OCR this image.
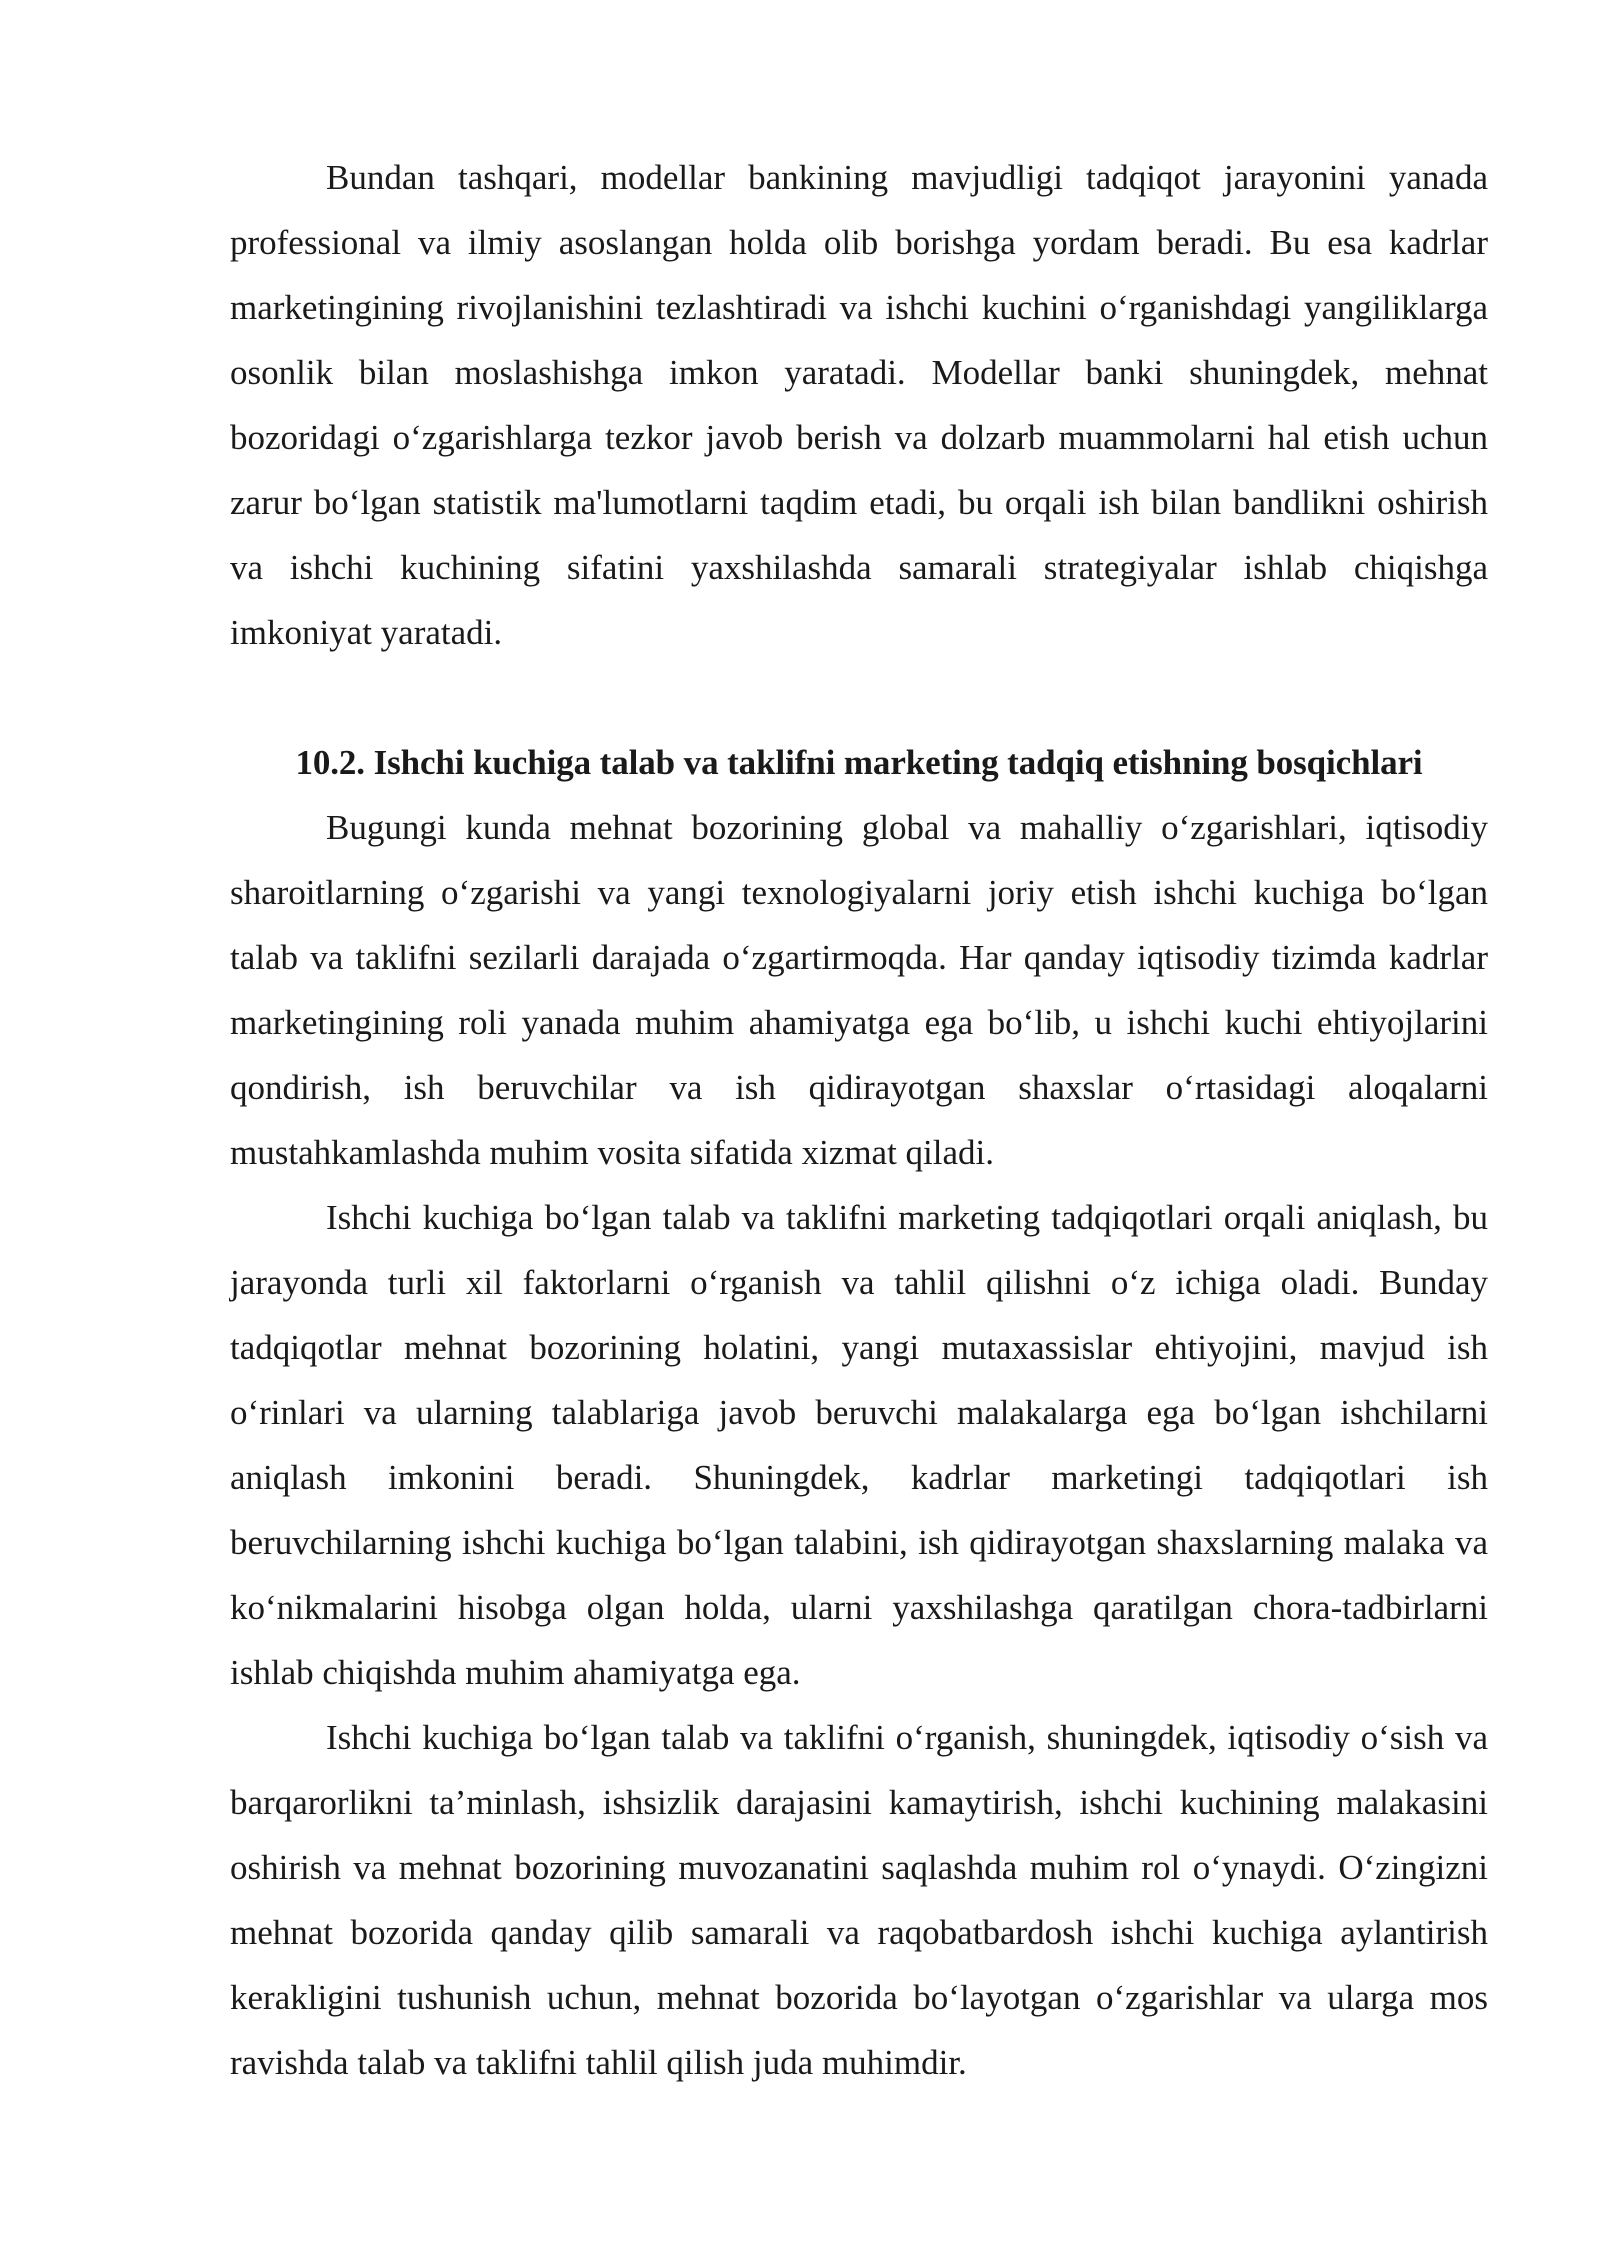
Bundan tashqari, modellar bankining mavjudligi tadqiqot jarayonini yanada professional va ilmiy asoslangan holda olib borishga yordam beradi. Bu esa kadrlar marketingining rivojlanishini tezlashtiradi va ishchi kuchini o‘rganishdagi yangiliklarga osonlik bilan moslashishga imkon yaratadi. Modellar banki shuningdek, mehnat bozoridagi o‘zgarishlarga tezkor javob berish va dolzarb muammolarni hal etish uchun zarur bo‘lgan statistik ma'lumotlarni taqdim etadi, bu orqali ish bilan bandlikni oshirish va ishchi kuchining sifatini yaxshilashda samarali strategiyalar ishlab chiqishga imkoniyat yaratadi.

10.2. Ishchi kuchiga talab va taklifni marketing tadqiq etishning bosqichlari

Bugungi kunda mehnat bozorining global va mahalliy o‘zgarishlari, iqtisodiy sharoitlarning o‘zgarishi va yangi texnologiyalarni joriy etish ishchi kuchiga bo‘lgan talab va taklifni sezilarli darajada o‘zgartirmoqda. Har qanday iqtisodiy tizimda kadrlar marketingining roli yanada muhim ahamiyatga ega bo‘lib, u ishchi kuchi ehtiyojlarini qondirish, ish beruvchilar va ish qidirayotgan shaxslar o‘rtasidagi aloqalarni mustahkamlashda muhim vosita sifatida xizmat qiladi.

Ishchi kuchiga bo‘lgan talab va taklifni marketing tadqiqotlari orqali aniqlash, bu jarayonda turli xil faktorlarni o‘rganish va tahlil qilishni o‘z ichiga oladi. Bunday tadqiqotlar mehnat bozorining holatini, yangi mutaxassislar ehtiyojini, mavjud ish o‘rinlari va ularning talablariga javob beruvchi malakalarga ega bo‘lgan ishchilarni aniqlash imkonini beradi. Shuningdek, kadrlar marketingi tadqiqotlari ish beruvchilarning ishchi kuchiga bo‘lgan talabini, ish qidirayotgan shaxslarning malaka va ko‘nikmalarini hisobga olgan holda, ularni yaxshilashga qaratilgan chora-tadbirlarni ishlab chiqishda muhim ahamiyatga ega.

Ishchi kuchiga bo‘lgan talab va taklifni o‘rganish, shuningdek, iqtisodiy o‘sish va barqarorlikni ta’minlash, ishsizlik darajasini kamaytirish, ishchi kuchining malakasini oshirish va mehnat bozorining muvozanatini saqlashda muhim rol o‘ynaydi. O‘zingizni mehnat bozorida qanday qilib samarali va raqobatbardosh ishchi kuchiga aylantirish kerakligini tushunish uchun, mehnat bozorida bo‘layotgan o‘zgarishlar va ularga mos ravishda talab va taklifni tahlil qilish juda muhimdir.
